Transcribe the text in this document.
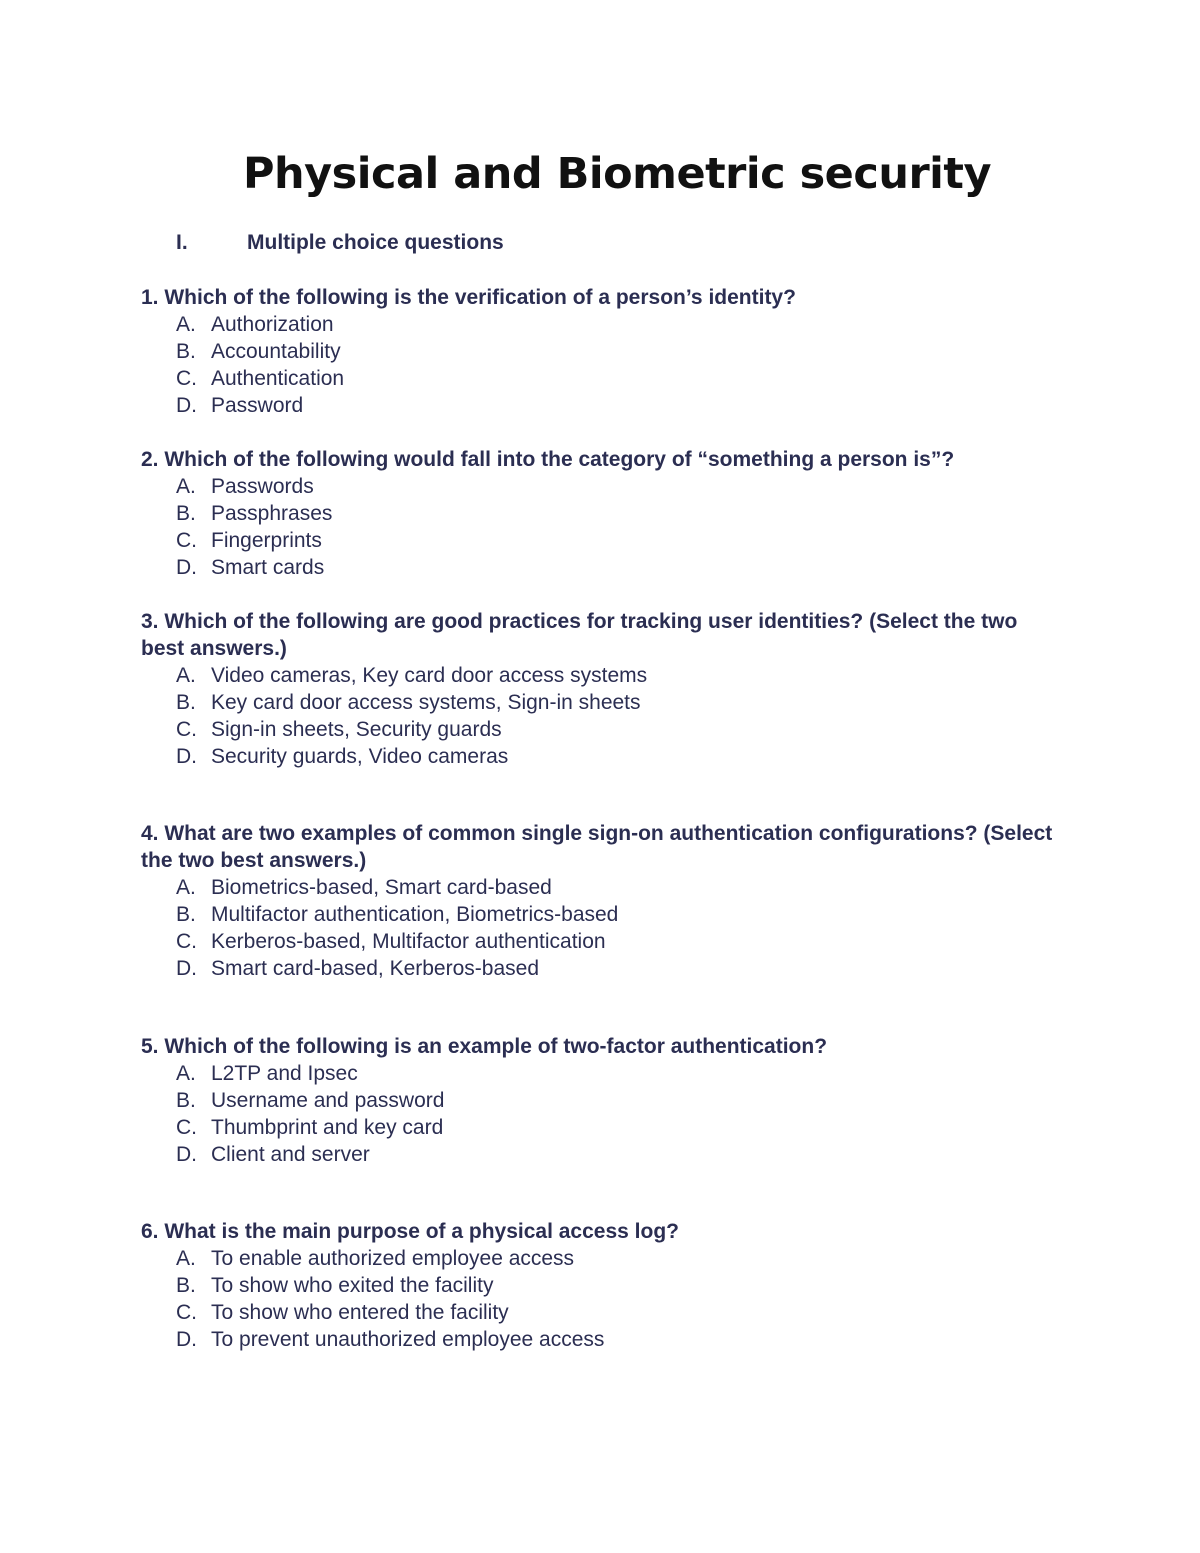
Physical and Biometric security
I.	Multiple choice questions

1. Which of the following is the verification of a person’s identity?

A. Authorization
B. Accountability
C. Authentication
D. Password

2. Which of the following would fall into the category of “something a person is”?

A. Passwords
B. Passphrases
C. Fingerprints
D. Smart cards

3. Which of the following are good practices for tracking user identities? (Select the two best answers.)

A. Video cameras, Key card door access systems
B. Key card door access systems, Sign-in sheets
C. Sign-in sheets, Security guards
D. Security guards, Video cameras

4. What are two examples of common single sign-on authentication configurations? (Select the two best answers.)

A. Biometrics-based, Smart card-based
B. Multifactor authentication, Biometrics-based
C. Kerberos-based, Multifactor authentication
D. Smart card-based, Kerberos-based

5. Which of the following is an example of two-factor authentication?

A. L2TP and Ipsec
B. Username and password
C. Thumbprint and key card
D. Client and server

6. What is the main purpose of a physical access log?

A. To enable authorized employee access
B. To show who exited the facility
C. To show who entered the facility
D. To prevent unauthorized employee access
